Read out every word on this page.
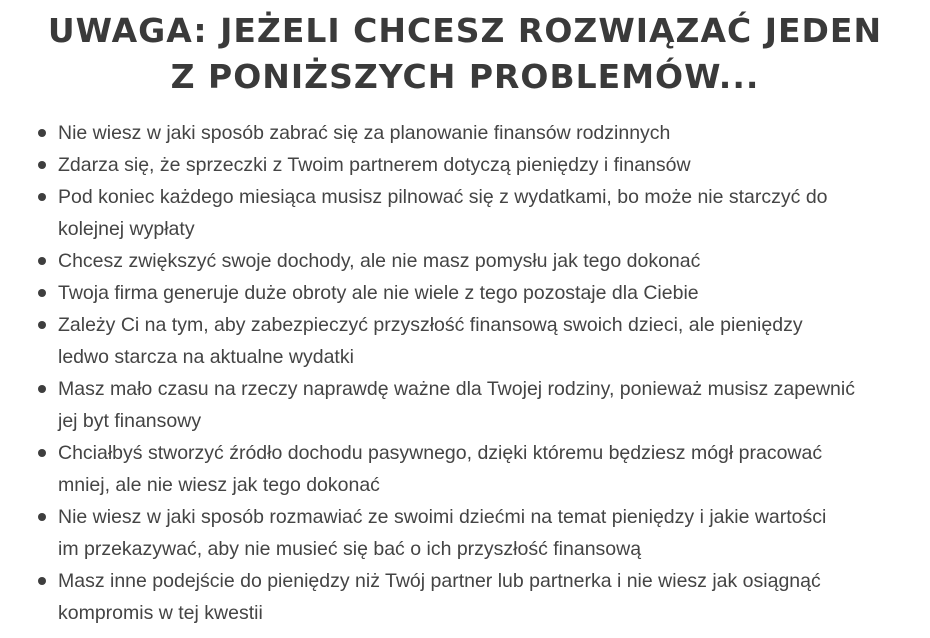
UWAGA: JEŻELI CHCESZ ROZWIĄZAĆ JEDEN
Z PONIŻSZYCH PROBLEMÓW...
Nie wiesz w jaki sposób zabrać się za planowanie finansów rodzinnych
Zdarza się, że sprzeczki z Twoim partnerem dotyczą pieniędzy i finansów
Pod koniec każdego miesiąca musisz pilnować się z wydatkami, bo może nie starczyć do
kolejnej wypłaty
Chcesz zwiększyć swoje dochody, ale nie masz pomysłu jak tego dokonać
Twoja firma generuje duże obroty ale nie wiele z tego pozostaje dla Ciebie
Zależy Ci na tym, aby zabezpieczyć przyszłość finansową swoich dzieci, ale pieniędzy
ledwo starcza na aktualne wydatki
Masz mało czasu na rzeczy naprawdę ważne dla Twojej rodziny, ponieważ musisz zapewnić
jej byt finansowy
Chciałbyś stworzyć źródło dochodu pasywnego, dzięki któremu będziesz mógł pracować
mniej, ale nie wiesz jak tego dokonać
Nie wiesz w jaki sposób rozmawiać ze swoimi dziećmi na temat pieniędzy i jakie wartości
im przekazywać, aby nie musieć się bać o ich przyszłość finansową
Masz inne podejście do pieniędzy niż Twój partner lub partnerka i nie wiesz jak osiągnąć
kompromis w tej kwestii
